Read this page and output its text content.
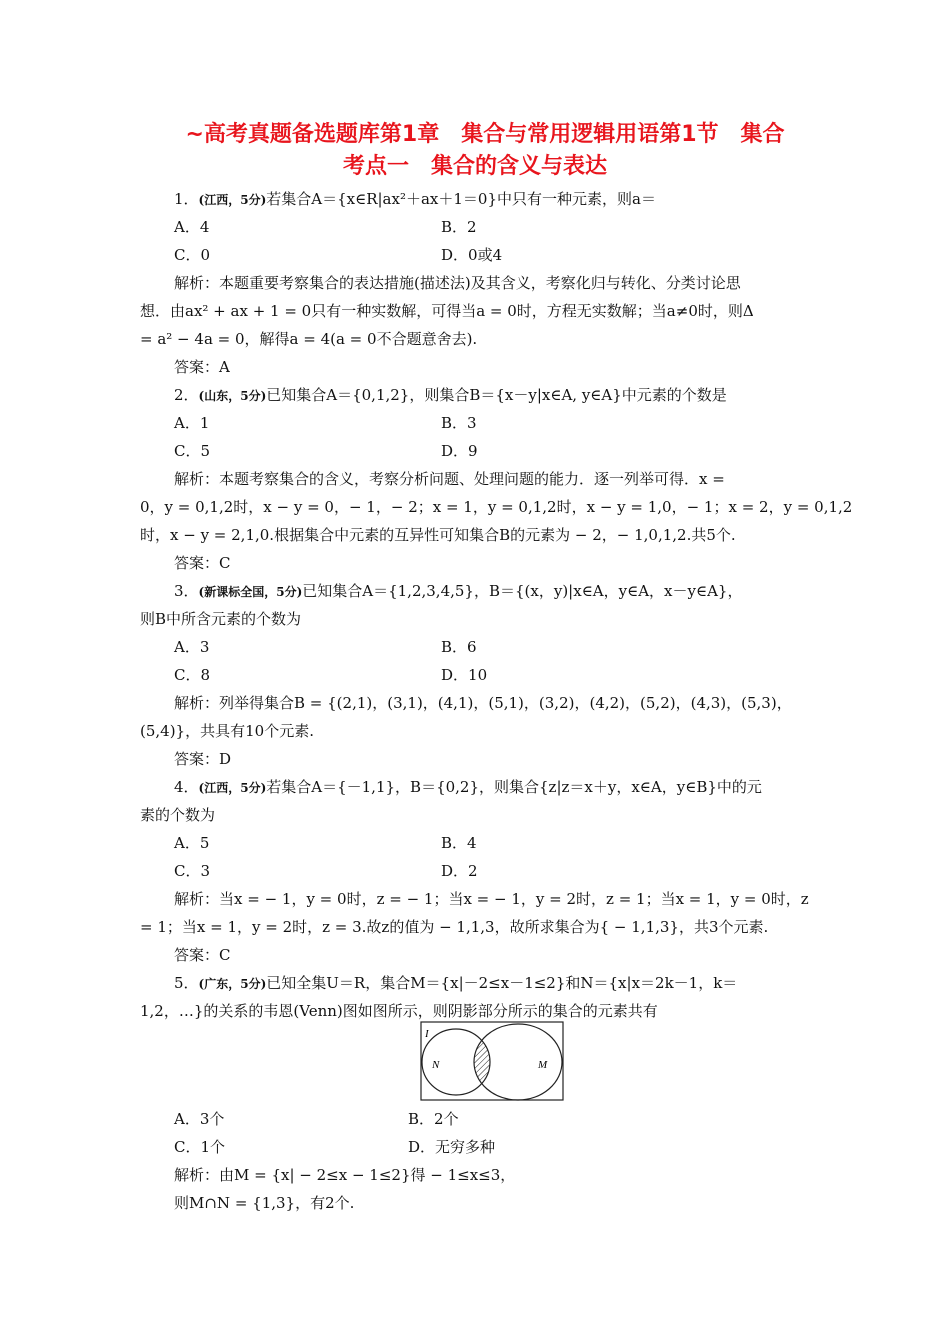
~高考真题备选题库第1章　集合与常用逻辑用语第1节　集合
考点一　集合的含义与表达
1．(江西，5分)若集合A＝{x∈R|ax²＋ax＋1＝0}中只有一种元素，则a＝
A．4	B．2
C．0	D．0或4
解析：本题重要考察集合的表达措施(描述法)及其含义，考察化归与转化、分类讨论思
想．由ax² + ax + 1 = 0只有一种实数解，可得当a = 0时，方程无实数解；当a≠0时，则Δ
= a² − 4a = 0，解得a = 4(a = 0不合题意舍去).
答案：A
2．(山东，5分)已知集合A＝{0,1,2}，则集合B＝{x－y|x∈A, y∈A}中元素的个数是
A．1	B．3
C．5	D．9
解析：本题考察集合的含义，考察分析问题、处理问题的能力．逐一列举可得．x =
0，y = 0,1,2时，x − y = 0，− 1，− 2；x = 1，y = 0,1,2时，x − y = 1,0，− 1；x = 2，y = 0,1,2
时，x − y = 2,1,0.根据集合中元素的互异性可知集合B的元素为 − 2，− 1,0,1,2.共5个.
答案：C
3．(新课标全国，5分)已知集合A＝{1,2,3,4,5}，B＝{(x，y)|x∈A，y∈A，x－y∈A}，
则B中所含元素的个数为
A．3	B．6
C．8	D．10
解析：列举得集合B = {(2,1)，(3,1)，(4,1)，(5,1)，(3,2)，(4,2)，(5,2)，(4,3)，(5,3)，
(5,4)}，共具有10个元素.
答案：D
4．(江西，5分)若集合A＝{－1,1}，B＝{0,2}，则集合{z|z＝x＋y，x∈A，y∈B}中的元
素的个数为
A．5	B．4
C．3	D．2
解析：当x = − 1，y = 0时，z = − 1；当x = − 1，y = 2时，z = 1；当x = 1，y = 0时，z
= 1；当x = 1，y = 2时，z = 3.故z的值为 − 1,1,3，故所求集合为{ − 1,1,3}，共3个元素.
答案：C
5．(广东，5分)已知全集U＝R，集合M＝{x|－2≤x－1≤2}和N＝{x|x＝2k－1，k＝
1,2，…}的关系的韦恩(Venn)图如图所示，则阴影部分所示的集合的元素共有
I
N	M
A．3个	B．2个
C．1个	D．无穷多种
解析：由M = {x| − 2≤x − 1≤2}得 − 1≤x≤3，
则M∩N = {1,3}，有2个.
